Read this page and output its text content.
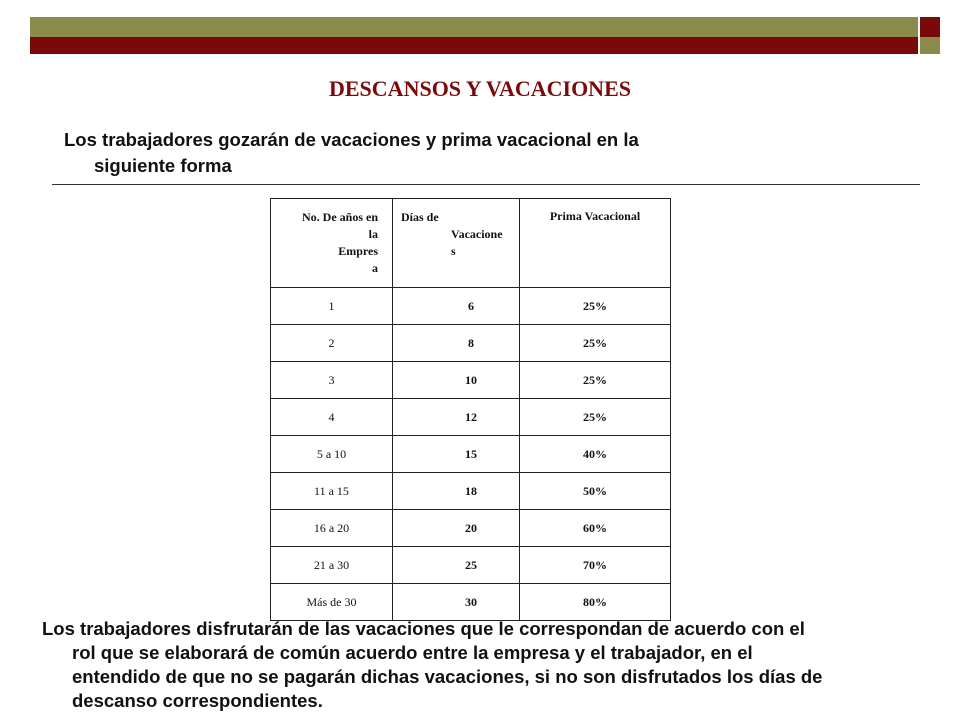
DESCANSOS Y VACACIONES
Los trabajadores gozarán de vacaciones y prima vacacional en la
siguiente forma
No. De años en
la
Empres
a	Días de
Vacacione
s	Prima Vacacional

1	6	25%
2	8	25%
3	10	25%
4	12	25%
5 a 10	15	40%
11 a 15	18	50%
16 a 20	20	60%
21 a 30	25	70%
Más de 30	30	80%
Los trabajadores disfrutarán de las vacaciones que le correspondan de acuerdo con el
rol que se elaborará de común acuerdo entre la empresa y el trabajador, en el
entendido de que no se pagarán dichas vacaciones, si no son disfrutados los días de
descanso correspondientes.
